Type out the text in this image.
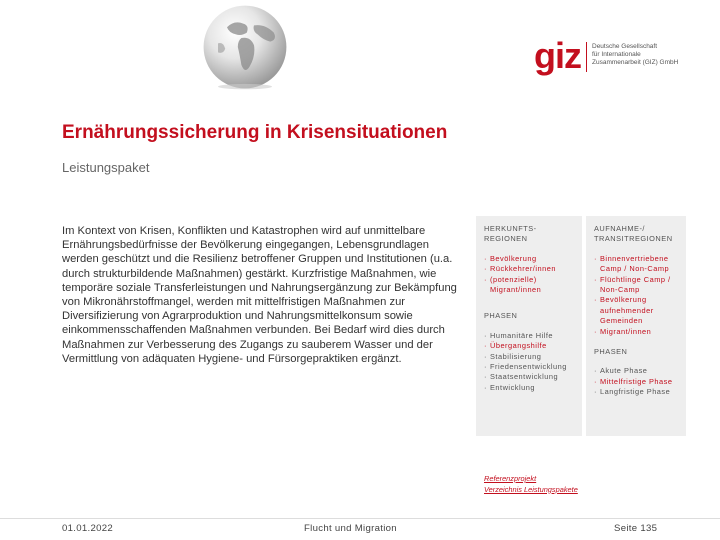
giz Deutsche Gesellschaft
für Internationale
Zusammenarbeit (GIZ) GmbH
Ernährungssicherung in Krisensituationen
Leistungspaket

Im Kontext von Krisen, Konflikten und Katastrophen wird auf unmittelbare Ernährungsbedürfnisse der Bevölkerung eingegangen, Lebensgrundlagen werden geschützt und die Resilienz betroffener Gruppen und Institutionen (u.a. durch strukturbildende Maßnahmen) gestärkt. Kurzfristige Maßnahmen, wie temporäre soziale Transferleistungen und Nahrungsergänzung zur Bekämpfung von Mikronährstoffmangel, werden mit mittelfristigen Maßnahmen zur Diversifizierung von Agrarproduktion und Nahrungsmittelkonsum sowie einkommensschaffenden Maßnahmen verbunden. Bei Bedarf wird dies durch Maßnahmen zur Verbesserung des Zugangs zu sauberem Wasser und der Vermittlung von adäquaten Hygiene- und Fürsorgepraktiken ergänzt.

HERKUNFTS-REGIONEN
· Bevölkerung
· Rückkehrer/innen
· (potenzielle) Migrant/innen
PHASEN
· Humanitäre Hilfe
· Übergangshilfe
· Stabilisierung
· Friedensentwicklung
· Staatsentwicklung
· Entwicklung
AUFNAHME-/ TRANSITREGIONEN
· Binnenvertriebene Camp / Non-Camp
· Flüchtlinge Camp / Non-Camp
· Bevölkerung aufnehmender Gemeinden
· Migrant/innen
PHASEN
· Akute Phase
· Mittelfristige Phase
· Langfristige Phase
Referenzprojekt
Verzeichnis Leistungspakete
01.01.2022	Flucht und Migration	Seite 135
